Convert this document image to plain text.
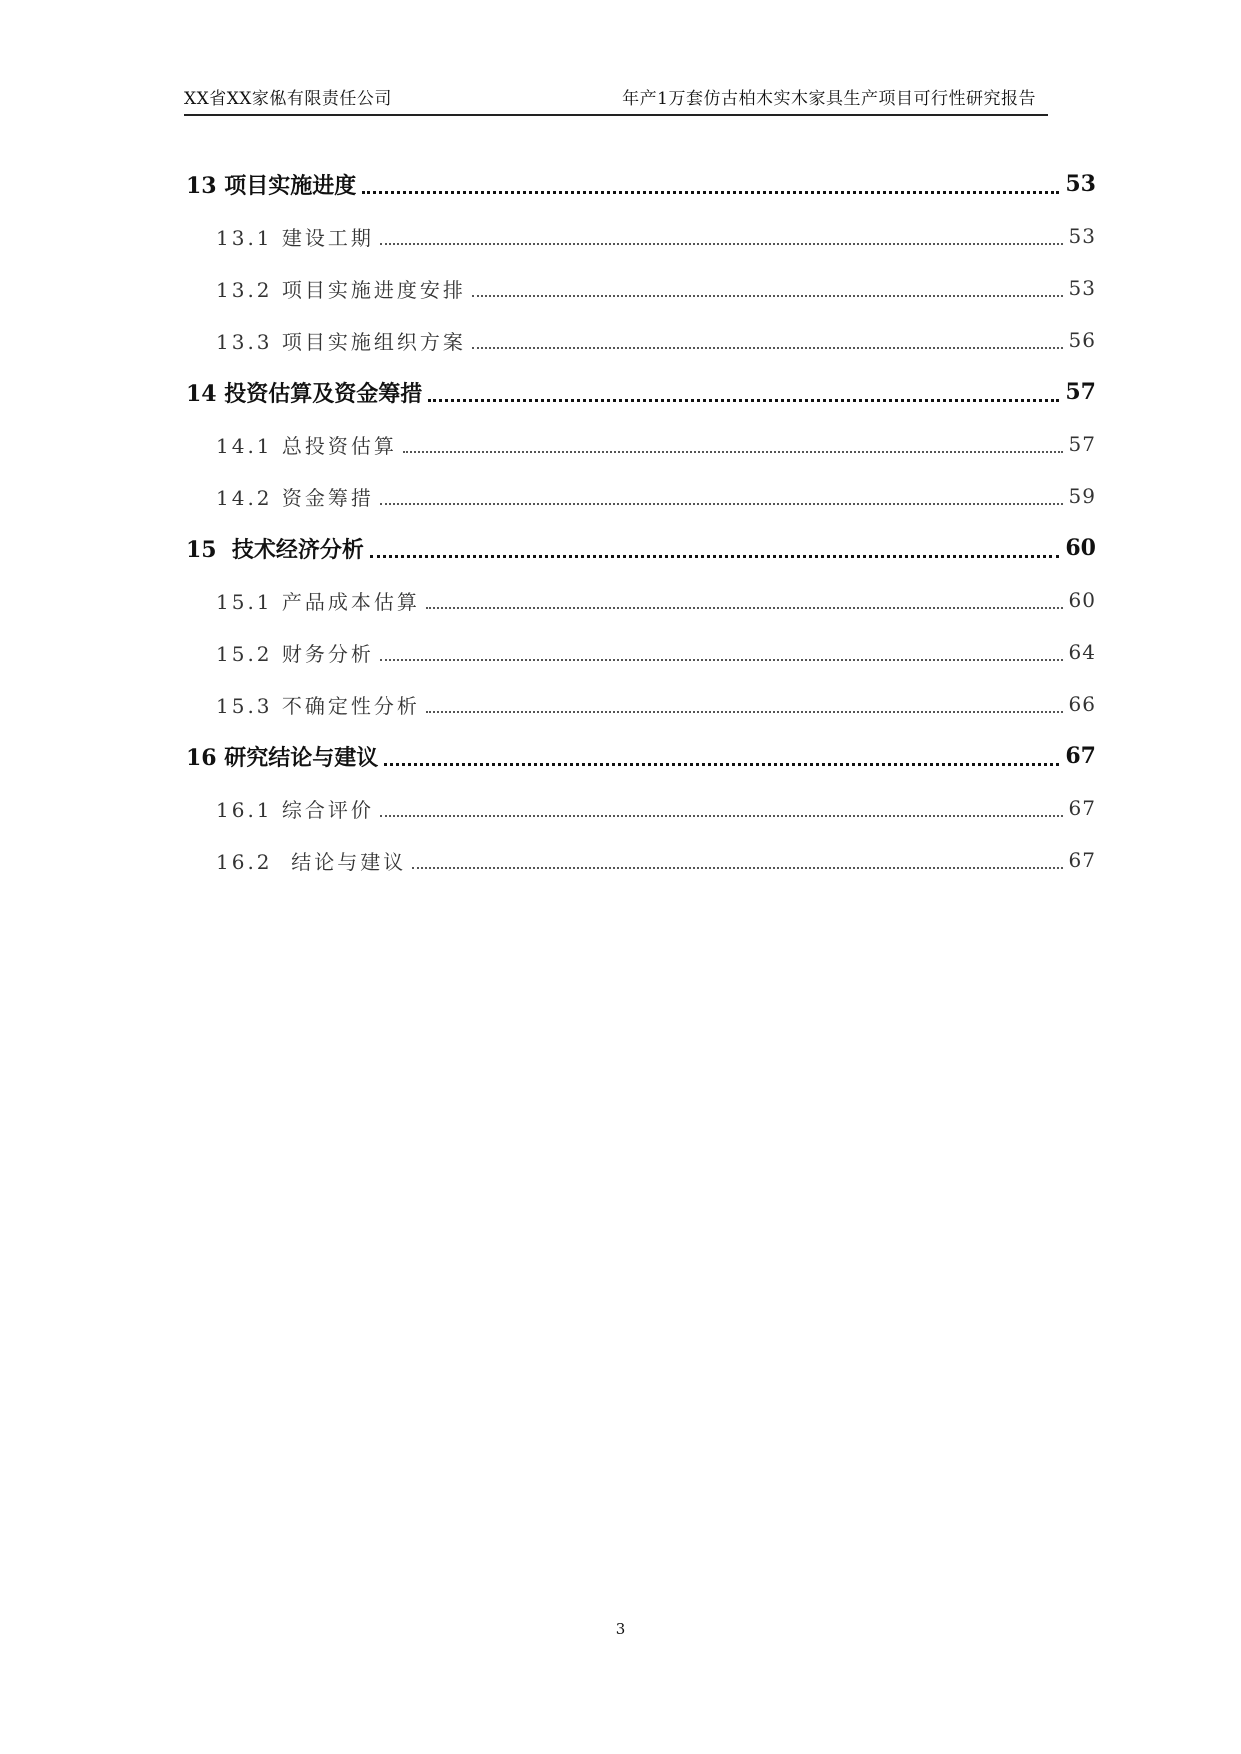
XX省XX家俬有限责任公司	年产1万套仿古柏木实木家具生产项目可行性研究报告
13 项目实施进度	53
13.1 建设工期	53
13.2 项目实施进度安排	53
13.3 项目实施组织方案	56
14 投资估算及资金筹措	57
14.1 总投资估算	57
14.2 资金筹措	59
15  技术经济分析	60
15.1 产品成本估算	60
15.2 财务分析	64
15.3 不确定性分析	66
16 研究结论与建议	67
16.1 综合评价	67
16.2  结论与建议	67
3
